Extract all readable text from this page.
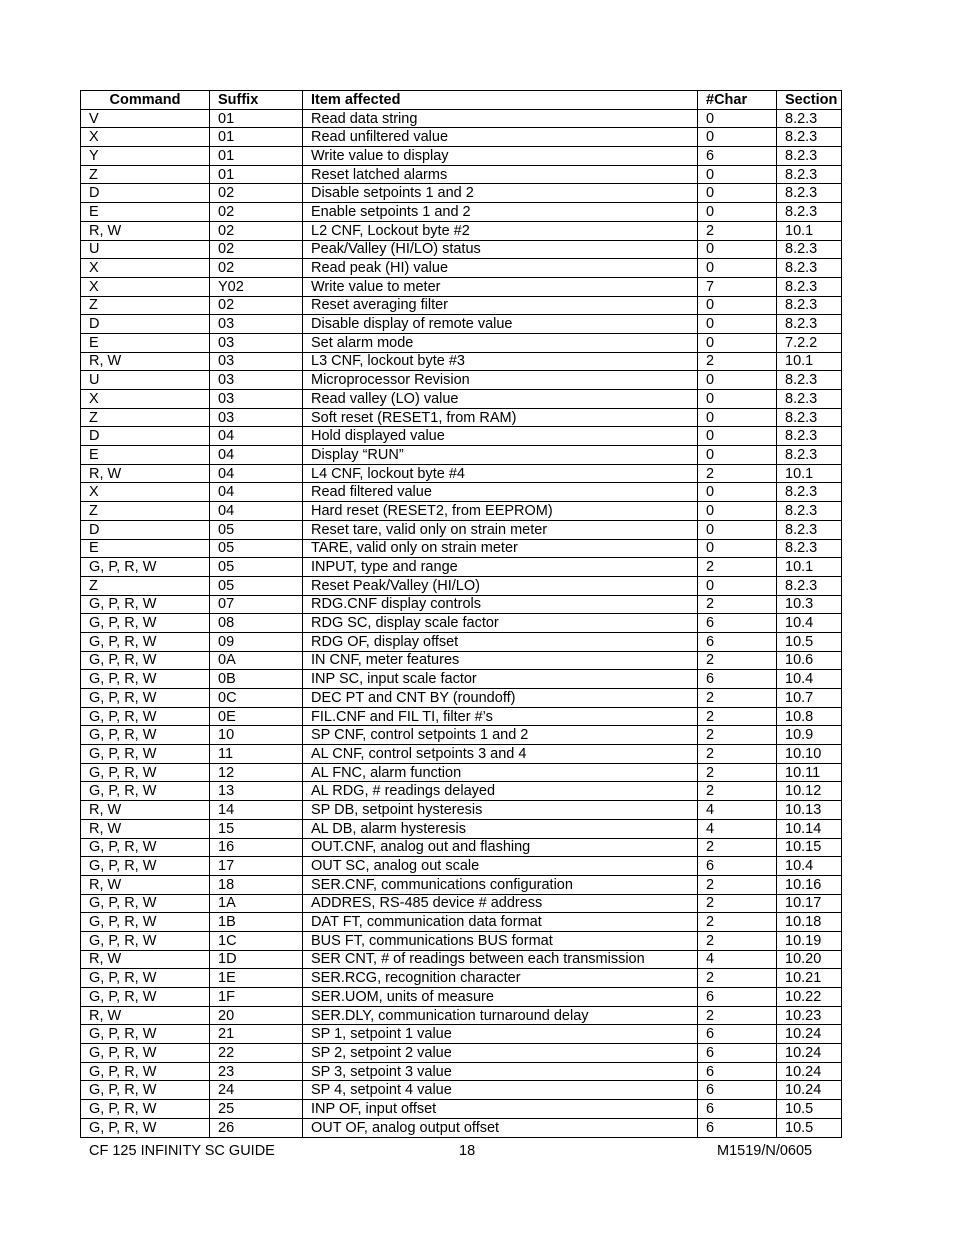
Command	Suffix	Item affected	#Char	Section
V	01	Read data string	0	8.2.3
X	01	Read unfiltered value	0	8.2.3
Y	01	Write value to display	6	8.2.3
Z	01	Reset latched alarms	0	8.2.3
D	02	Disable setpoints 1 and 2	0	8.2.3
E	02	Enable setpoints 1 and 2	0	8.2.3
R, W	02	L2 CNF, Lockout byte #2	2	10.1
U	02	Peak/Valley (HI/LO) status	0	8.2.3
X	02	Read peak (HI) value	0	8.2.3
X	Y02	Write value to meter	7	8.2.3
Z	02	Reset averaging filter	0	8.2.3
D	03	Disable display of remote value	0	8.2.3
E	03	Set alarm mode	0	7.2.2
R, W	03	L3 CNF, lockout byte #3	2	10.1
U	03	Microprocessor Revision	0	8.2.3
X	03	Read valley (LO) value	0	8.2.3
Z	03	Soft reset (RESET1, from RAM)	0	8.2.3
D	04	Hold displayed value	0	8.2.3
E	04	Display “RUN”	0	8.2.3
R, W	04	L4 CNF, lockout byte #4	2	10.1
X	04	Read filtered value	0	8.2.3
Z	04	Hard reset (RESET2, from EEPROM)	0	8.2.3
D	05	Reset tare, valid only on strain meter	0	8.2.3
E	05	TARE, valid only on strain meter	0	8.2.3
G, P, R, W	05	INPUT, type and range	2	10.1
Z	05	Reset Peak/Valley (HI/LO)	0	8.2.3
G, P, R, W	07	RDG.CNF display controls	2	10.3
G, P, R, W	08	RDG SC, display scale factor	6	10.4
G, P, R, W	09	RDG OF, display offset	6	10.5
G, P, R, W	0A	IN CNF, meter features	2	10.6
G, P, R, W	0B	INP SC, input scale factor	6	10.4
G, P, R, W	0C	DEC PT and CNT BY (roundoff)	2	10.7
G, P, R, W	0E	FIL.CNF and FIL TI, filter #’s	2	10.8
G, P, R, W	10	SP CNF, control setpoints 1 and 2	2	10.9
G, P, R, W	11	AL CNF, control setpoints 3 and 4	2	10.10
G, P, R, W	12	AL FNC, alarm function	2	10.11
G, P, R, W	13	AL RDG, # readings delayed	2	10.12
R, W	14	SP DB, setpoint hysteresis	4	10.13
R, W	15	AL DB, alarm hysteresis	4	10.14
G, P, R, W	16	OUT.CNF, analog out and flashing	2	10.15
G, P, R, W	17	OUT SC, analog out scale	6	10.4
R, W	18	SER.CNF, communications configuration	2	10.16
G, P, R, W	1A	ADDRES, RS-485 device # address	2	10.17
G, P, R, W	1B	DAT FT, communication data format	2	10.18
G, P, R, W	1C	BUS FT, communications BUS format	2	10.19
R, W	1D	SER CNT, # of readings between each transmission	4	10.20
G, P, R, W	1E	SER.RCG, recognition character	2	10.21
G, P, R, W	1F	SER.UOM, units of measure	6	10.22
R, W	20	SER.DLY, communication turnaround delay	2	10.23
G, P, R, W	21	SP 1, setpoint 1 value	6	10.24
G, P, R, W	22	SP 2, setpoint 2 value	6	10.24
G, P, R, W	23	SP 3, setpoint 3 value	6	10.24
G, P, R, W	24	SP 4, setpoint 4 value	6	10.24
G, P, R, W	25	INP OF, input offset	6	10.5
G, P, R, W	26	OUT OF, analog output offset	6	10.5
CF 125 INFINITY SC GUIDE	18	M1519/N/0605
